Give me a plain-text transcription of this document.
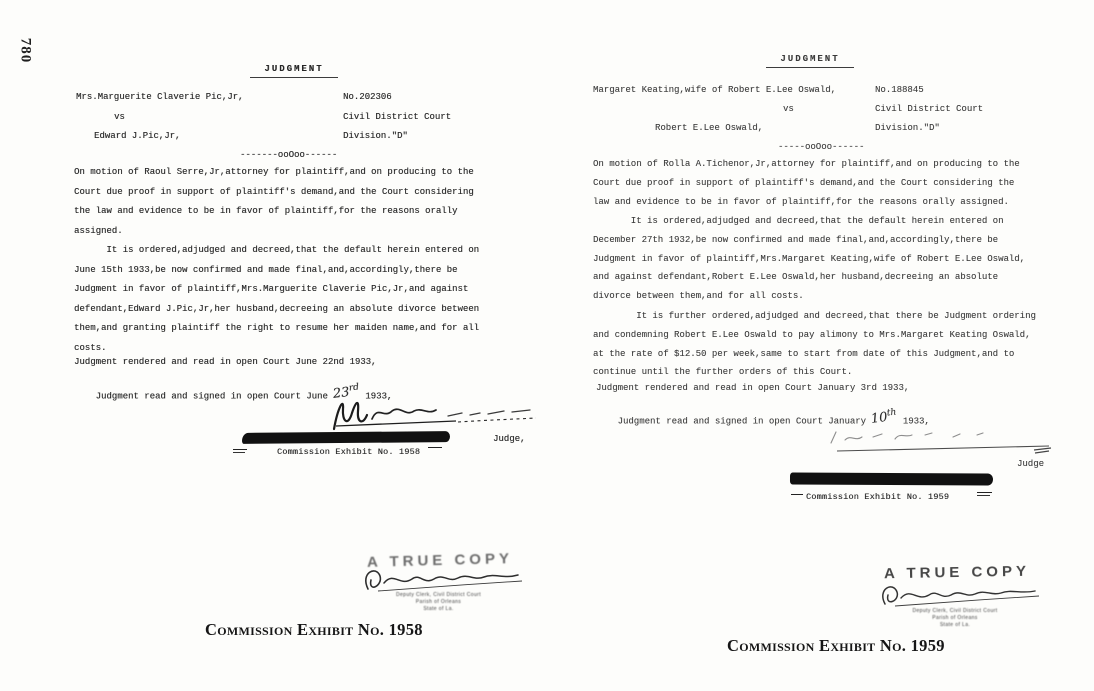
780
JUDGMENT
Mrs.Marguerite Claverie Pic,Jr,	No.202306
vs	Civil District Court
Edward J.Pic,Jr,	Division."D"
-------ooOoo------
On motion of Raoul Serre,Jr,attorney for plaintiff,and on producing to the
Court due proof in support of plaintiff's demand,and the Court considering
the law and evidence to be in favor of plaintiff,for the reasons orally
assigned.
It is ordered,adjudged and decreed,that the default herein entered on
June 15th 1933,be now confirmed and made final,and,accordingly,there be
Judgment in favor of plaintiff,Mrs.Marguerite Claverie Pic,Jr,and against
defendant,Edward J.Pic,Jr,her husband,decreeing an absolute divorce between
them,and granting plaintiff the right to resume her maiden name,and for all
costs.
Judgment rendered and read in open Court June 22nd 1933,

Judgment read and signed in open Court June 23rd 1933,

Judge,
Commission Exhibit No. 1958
A TRUE COPY
Deputy Clerk, Civil District Court
Parish of Orleans
State of La.
Commission Exhibit No. 1958
JUDGMENT
Margaret Keating,wife of Robert E.Lee Oswald,	No.188845
vs	Civil District Court
Robert E.Lee Oswald,	Division."D"
-----ooOoo------
On motion of Rolla A.Tichenor,Jr,attorney for plaintiff,and on producing to the
Court due proof in support of plaintiff's demand,and the Court considering the
law and evidence to be in favor of plaintiff,for the reasons orally assigned.
It is ordered,adjudged and decreed,that the default herein entered on
December 27th 1932,be now confirmed and made final,and,accordingly,there be
Judgment in favor of plaintiff,Mrs.Margaret Keating,wife of Robert E.Lee Oswald,
and against defendant,Robert E.Lee Oswald,her husband,decreeing an absolute
divorce between them,and for all costs.
It is further ordered,adjudged and decreed,that there be Judgment ordering
and condemning Robert E.Lee Oswald to pay alimony to Mrs.Margaret Keating Oswald,
at the rate of $12.50 per week,same to start from date of this Judgment,and to
continue until the further orders of this Court.
Judgment rendered and read in open Court January 3rd 1933,

Judgment read and signed in open Court January 10th 1933,

Judge
Commission Exhibit No. 1959
A TRUE COPY
Deputy Clerk, Civil District Court
Parish of Orleans
State of La.
Commission Exhibit No. 1959
